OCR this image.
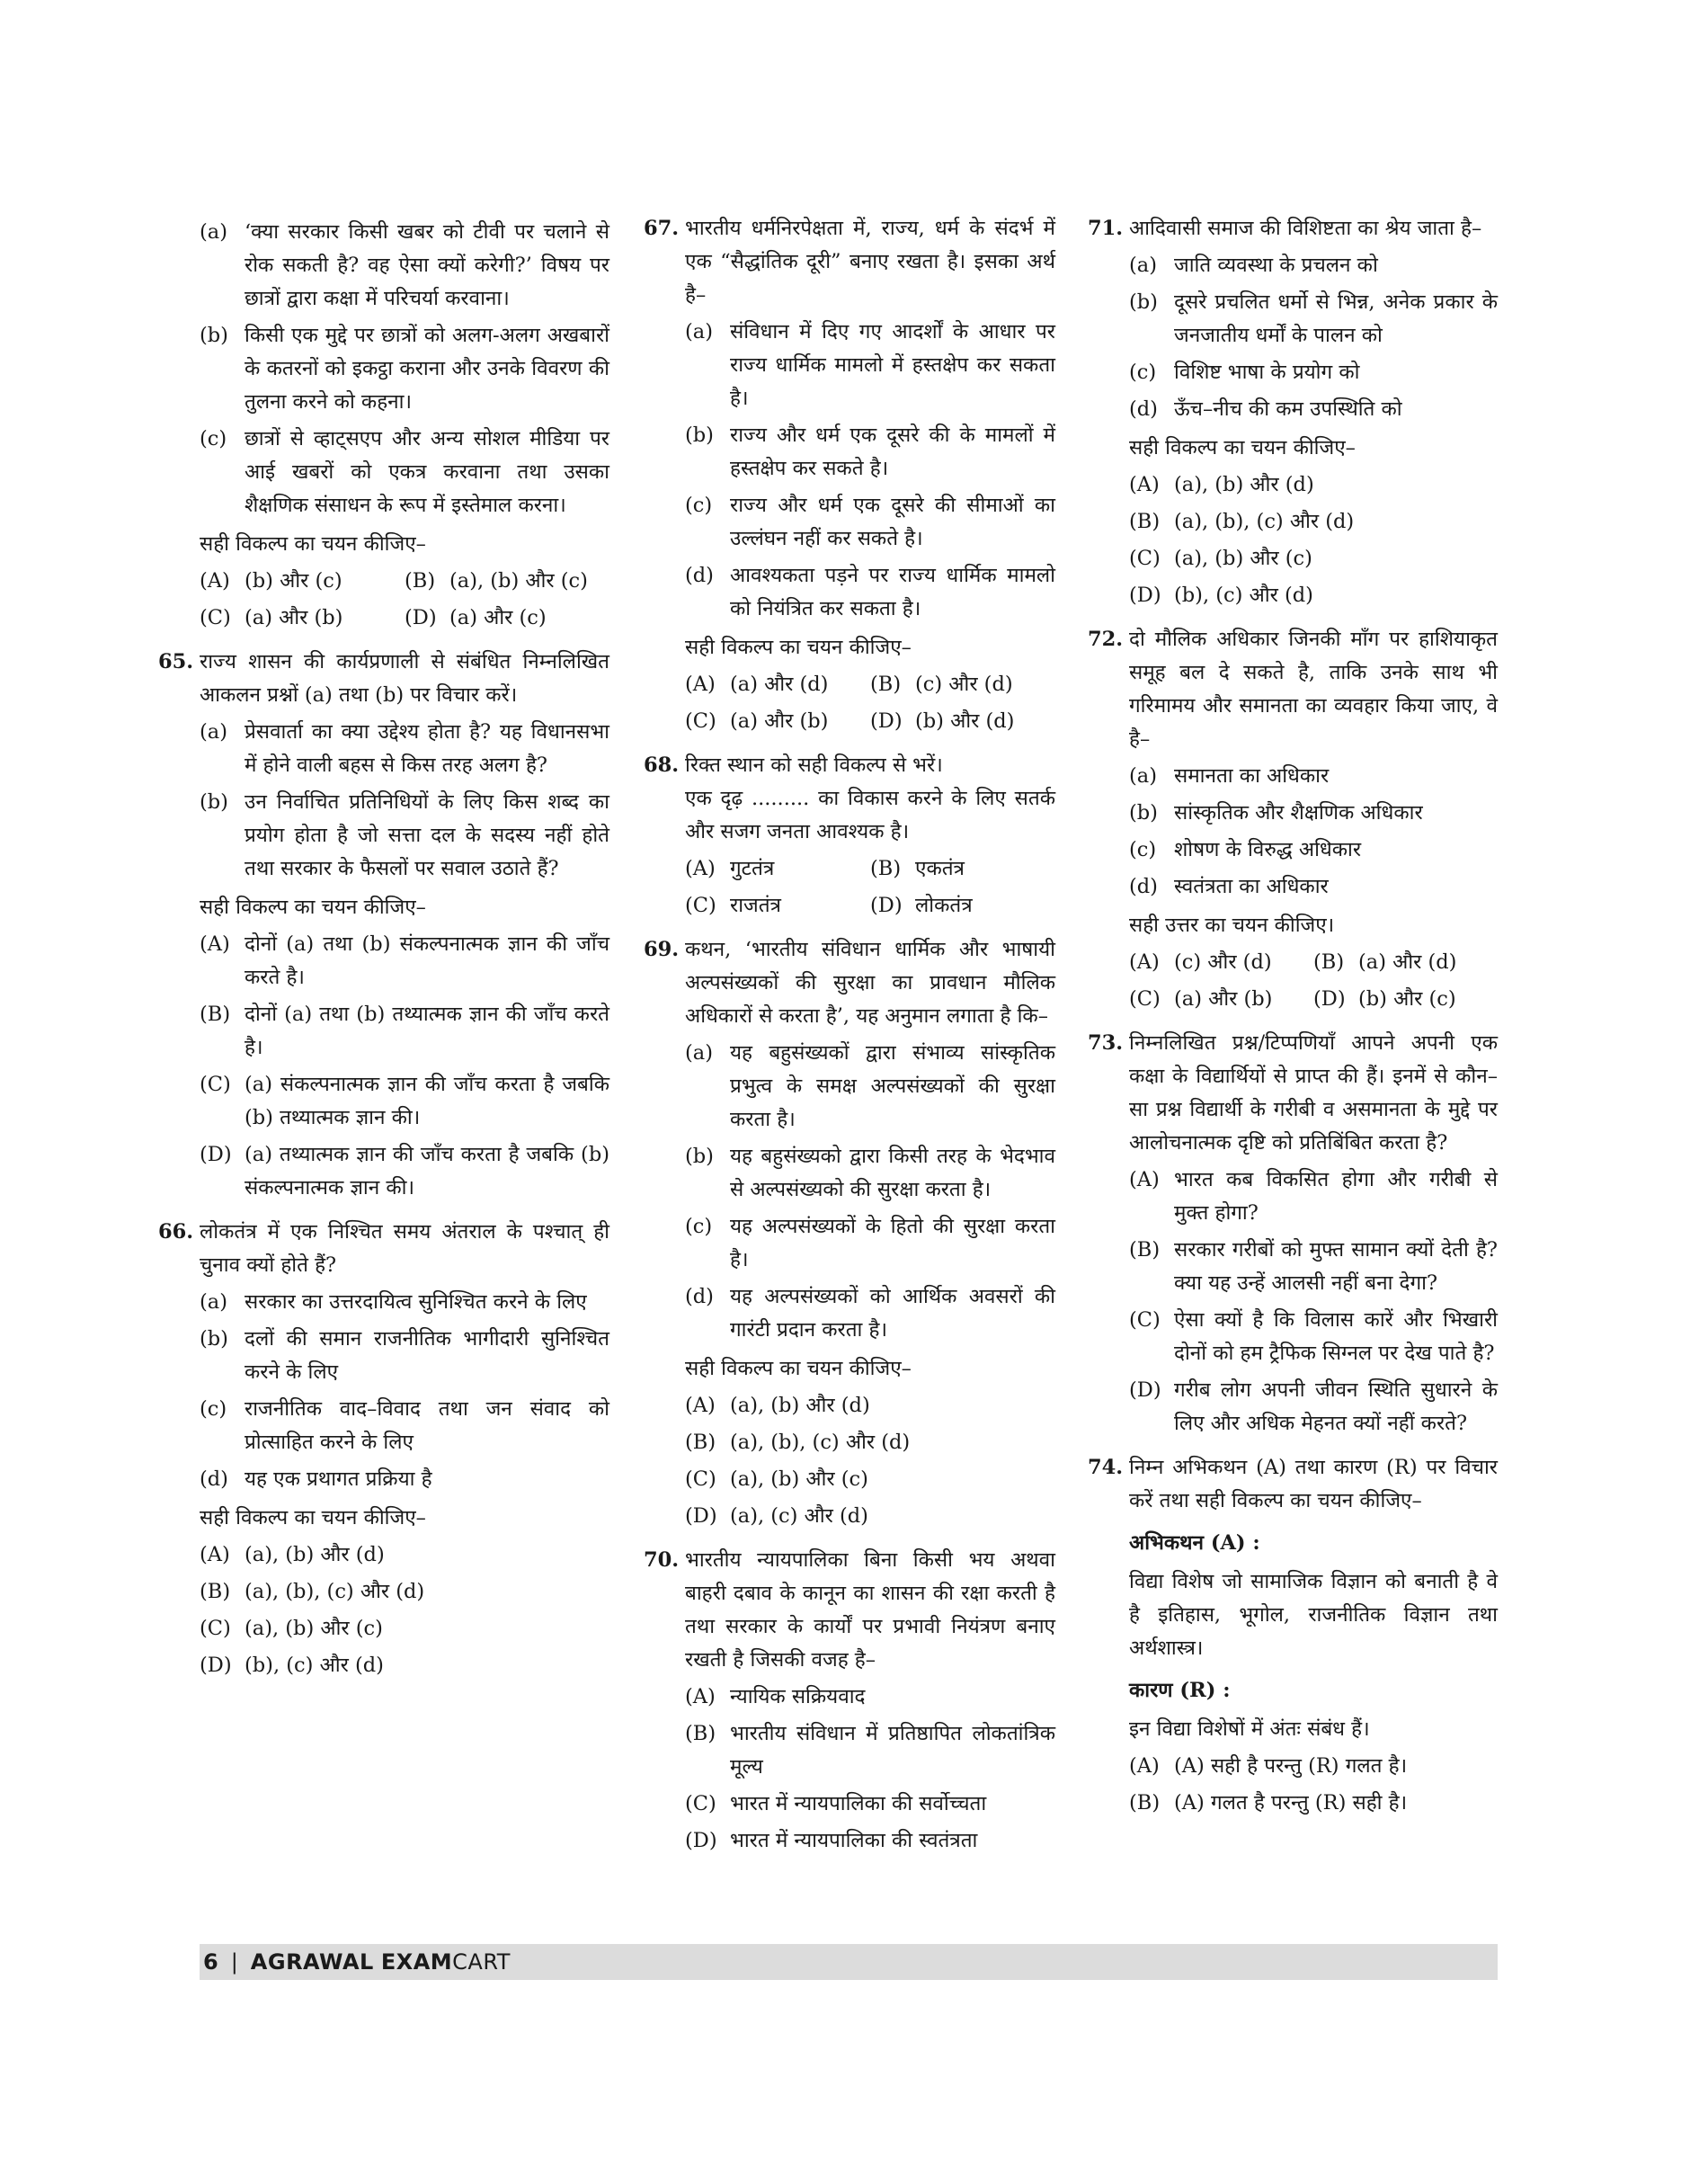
(a) ‘क्या सरकार किसी खबर को टीवी पर चलाने से रोक सकती है? वह ऐसा क्यों करेगी?’ विषय पर छात्रों द्वारा कक्षा में परिचर्या करवाना।
(b) किसी एक मुद्दे पर छात्रों को अलग-अलग अखबारों के कतरनों को इकट्ठा कराना और उनके विवरण की तुलना करने को कहना।
(c) छात्रों से व्हाट्सएप और अन्य सोशल मीडिया पर आई खबरों को एकत्र करवाना तथा उसका शैक्षणिक संसाधन के रूप में इस्तेमाल करना।
सही विकल्प का चयन कीजिए–
(A) (b) और (c)	(B) (a), (b) और (c)
(C) (a) और (b)	(D) (a) और (c)
65. राज्य शासन की कार्यप्रणाली से संबंधित निम्नलिखित आकलन प्रश्नों (a) तथा (b) पर विचार करें।
(a) प्रेसवार्ता का क्या उद्देश्य होता है? यह विधानसभा में होने वाली बहस से किस तरह अलग है?
(b) उन निर्वाचित प्रतिनिधियों के लिए किस शब्द का प्रयोग होता है जो सत्ता दल के सदस्य नहीं होते तथा सरकार के फैसलों पर सवाल उठाते हैं?
सही विकल्प का चयन कीजिए–
(A) दोनों (a) तथा (b) संकल्पनात्मक ज्ञान की जाँच करते है।
(B) दोनों (a) तथा (b) तथ्यात्मक ज्ञान की जाँच करते है।
(C) (a) संकल्पनात्मक ज्ञान की जाँच करता है जबकि (b) तथ्यात्मक ज्ञान की।
(D) (a) तथ्यात्मक ज्ञान की जाँच करता है जबकि (b) संकल्पनात्मक ज्ञान की।
66. लोकतंत्र में एक निश्चित समय अंतराल के पश्चात् ही चुनाव क्यों होते हैं?
(a) सरकार का उत्तरदायित्व सुनिश्चित करने के लिए
(b) दलों की समान राजनीतिक भागीदारी सुनिश्चित करने के लिए
(c) राजनीतिक वाद–विवाद तथा जन संवाद को प्रोत्साहित करने के लिए
(d) यह एक प्रथागत प्रक्रिया है
सही विकल्प का चयन कीजिए–
(A) (a), (b) और (d)
(B) (a), (b), (c) और (d)
(C) (a), (b) और (c)
(D) (b), (c) और (d)
67. भारतीय धर्मनिरपेक्षता में, राज्य, धर्म के संदर्भ में एक “सैद्धांतिक दूरी” बनाए रखता है। इसका अर्थ है–
(a) संविधान में दिए गए आदर्शों के आधार पर राज्य धार्मिक मामलो में हस्तक्षेप कर सकता है।
(b) राज्य और धर्म एक दूसरे की के मामलों में हस्तक्षेप कर सकते है।
(c) राज्य और धर्म एक दूसरे की सीमाओं का उल्लंघन नहीं कर सकते है।
(d) आवश्यकता पड़ने पर राज्य धार्मिक मामलो को नियंत्रित कर सकता है।
सही विकल्प का चयन कीजिए–
(A) (a) और (d) (B) (c) और (d)
(C) (a) और (b) (D) (b) और (d)
68. रिक्त स्थान को सही विकल्प से भरें।
एक दृढ़ ......... का विकास करने के लिए सतर्क और सजग जनता आवश्यक है।
(A) गुटतंत्र	(B) एकतंत्र
(C) राजतंत्र	(D) लोकतंत्र
69. कथन, ‘भारतीय संविधान धार्मिक और भाषायी अल्पसंख्यकों की सुरक्षा का प्रावधान मौलिक अधिकारों से करता है’, यह अनुमान लगाता है कि–
(a) यह बहुसंख्यकों द्वारा संभाव्य सांस्कृतिक प्रभुत्व के समक्ष अल्पसंख्यकों की सुरक्षा करता है।
(b) यह बहुसंख्यको द्वारा किसी तरह के भेदभाव से अल्पसंख्यको की सुरक्षा करता है।
(c) यह अल्पसंख्यकों के हितो की सुरक्षा करता है।
(d) यह अल्पसंख्यकों को आर्थिक अवसरों की गारंटी प्रदान करता है।
सही विकल्प का चयन कीजिए–
(A) (a), (b) और (d)
(B) (a), (b), (c) और (d)
(C) (a), (b) और (c)
(D) (a), (c) और (d)
70. भारतीय न्यायपालिका बिना किसी भय अथवा बाहरी दबाव के कानून का शासन की रक्षा करती है तथा सरकार के कार्यों पर प्रभावी नियंत्रण बनाए रखती है जिसकी वजह है–
(A) न्यायिक सक्रियवाद
(B) भारतीय संविधान में प्रतिष्ठापित लोकतांत्रिक मूल्य
(C) भारत में न्यायपालिका की सर्वोच्चता
(D) भारत में न्यायपालिका की स्वतंत्रता
71. आदिवासी समाज की विशिष्टता का श्रेय जाता है–
(a) जाति व्यवस्था के प्रचलन को
(b) दूसरे प्रचलित धर्मो से भिन्न, अनेक प्रकार के जनजातीय धर्मों के पालन को
(c) विशिष्ट भाषा के प्रयोग को
(d) ऊँच–नीच की कम उपस्थिति को
सही विकल्प का चयन कीजिए–
(A) (a), (b) और (d)
(B) (a), (b), (c) और (d)
(C) (a), (b) और (c)
(D) (b), (c) और (d)
72. दो मौलिक अधिकार जिनकी माँग पर हाशियाकृत समूह बल दे सकते है, ताकि उनके साथ भी गरिमामय और समानता का व्यवहार किया जाए, वे है–
(a) समानता का अधिकार
(b) सांस्कृतिक और शैक्षणिक अधिकार
(c) शोषण के विरुद्ध अधिकार
(d) स्वतंत्रता का अधिकार
सही उत्तर का चयन कीजिए।
(A) (c) और (d) (B) (a) और (d)
(C) (a) और (b) (D) (b) और (c)
73. निम्नलिखित प्रश्न/टिप्पणियाँ आपने अपनी एक कक्षा के विद्यार्थियों से प्राप्त की हैं। इनमें से कौन–सा प्रश्न विद्यार्थी के गरीबी व असमानता के मुद्दे पर आलोचनात्मक दृष्टि को प्रतिबिंबित करता है?
(A) भारत कब विकसित होगा और गरीबी से मुक्त होगा?
(B) सरकार गरीबों को मुफ्त सामान क्यों देती है? क्या यह उन्हें आलसी नहीं बना देगा?
(C) ऐसा क्यों है कि विलास कारें और भिखारी दोनों को हम ट्रैफिक सिग्नल पर देख पाते है?
(D) गरीब लोग अपनी जीवन स्थिति सुधारने के लिए और अधिक मेहनत क्यों नहीं करते?
74. निम्न अभिकथन (A) तथा कारण (R) पर विचार करें तथा सही विकल्प का चयन कीजिए–
अभिकथन (A) :
विद्या विशेष जो सामाजिक विज्ञान को बनाती है वे है इतिहास, भूगोल, राजनीतिक विज्ञान तथा अर्थशास्त्र।
कारण (R) :
इन विद्या विशेषों में अंतः संबंध हैं।
(A) (A) सही है परन्तु (R) गलत है।
(B) (A) गलत है परन्तु (R) सही है।
6 | AGRAWAL EXAM CART
